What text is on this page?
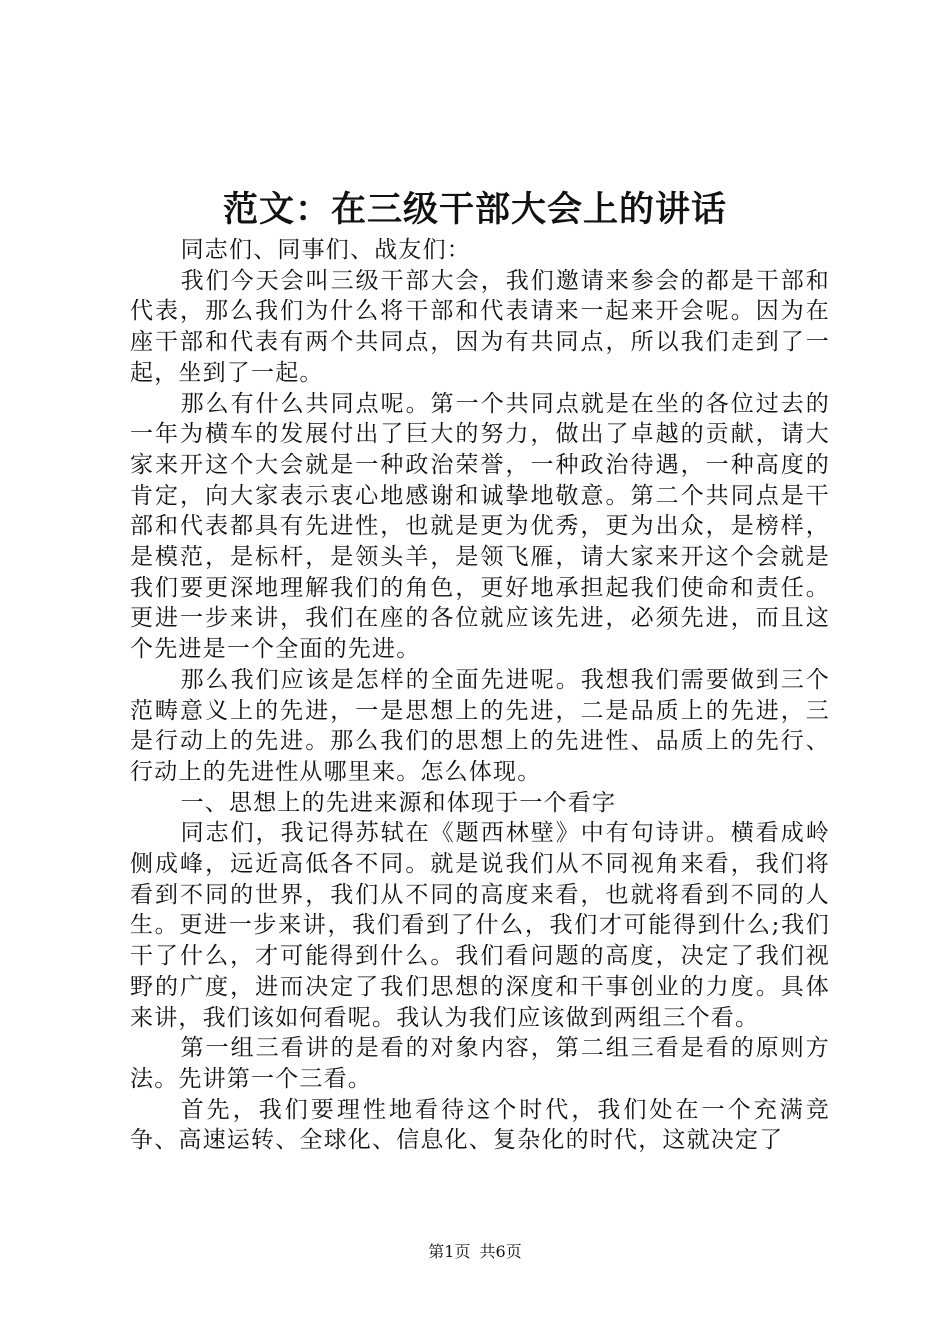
范文：在三级干部大会上的讲话

同志们、同事们、战友们：

我们今天会叫三级干部大会，我们邀请来参会的都是干部和代表，那么我们为什么将干部和代表请来一起来开会呢。因为在座干部和代表有两个共同点，因为有共同点，所以我们走到了一起，坐到了一起。

那么有什么共同点呢。第一个共同点就是在坐的各位过去的一年为横车的发展付出了巨大的努力，做出了卓越的贡献，请大家来开这个大会就是一种政治荣誉，一种政治待遇，一种高度的肯定，向大家表示衷心地感谢和诚挚地敬意。第二个共同点是干部和代表都具有先进性，也就是更为优秀，更为出众，是榜样，是模范，是标杆，是领头羊，是领飞雁，请大家来开这个会就是我们要更深地理解我们的角色，更好地承担起我们使命和责任。更进一步来讲，我们在座的各位就应该先进，必须先进，而且这个先进是一个全面的先进。

那么我们应该是怎样的全面先进呢。我想我们需要做到三个范畴意义上的先进，一是思想上的先进，二是品质上的先进，三是行动上的先进。那么我们的思想上的先进性、品质上的先行、行动上的先进性从哪里来。怎么体现。

一、思想上的先进来源和体现于一个看字

同志们，我记得苏轼在《题西林壁》中有句诗讲。横看成岭侧成峰，远近高低各不同。就是说我们从不同视角来看，我们将看到不同的世界，我们从不同的高度来看，也就将看到不同的人生。更进一步来讲，我们看到了什么，我们才可能得到什么;我们干了什么，才可能得到什么。我们看问题的高度，决定了我们视野的广度，进而决定了我们思想的深度和干事创业的力度。具体来讲，我们该如何看呢。我认为我们应该做到两组三个看。

第一组三看讲的是看的对象内容，第二组三看是看的原则方法。先讲第一个三看。

首先，我们要理性地看待这个时代，我们处在一个充满竞争、高速运转、全球化、信息化、复杂化的时代，这就决定了

第1页 共6页
